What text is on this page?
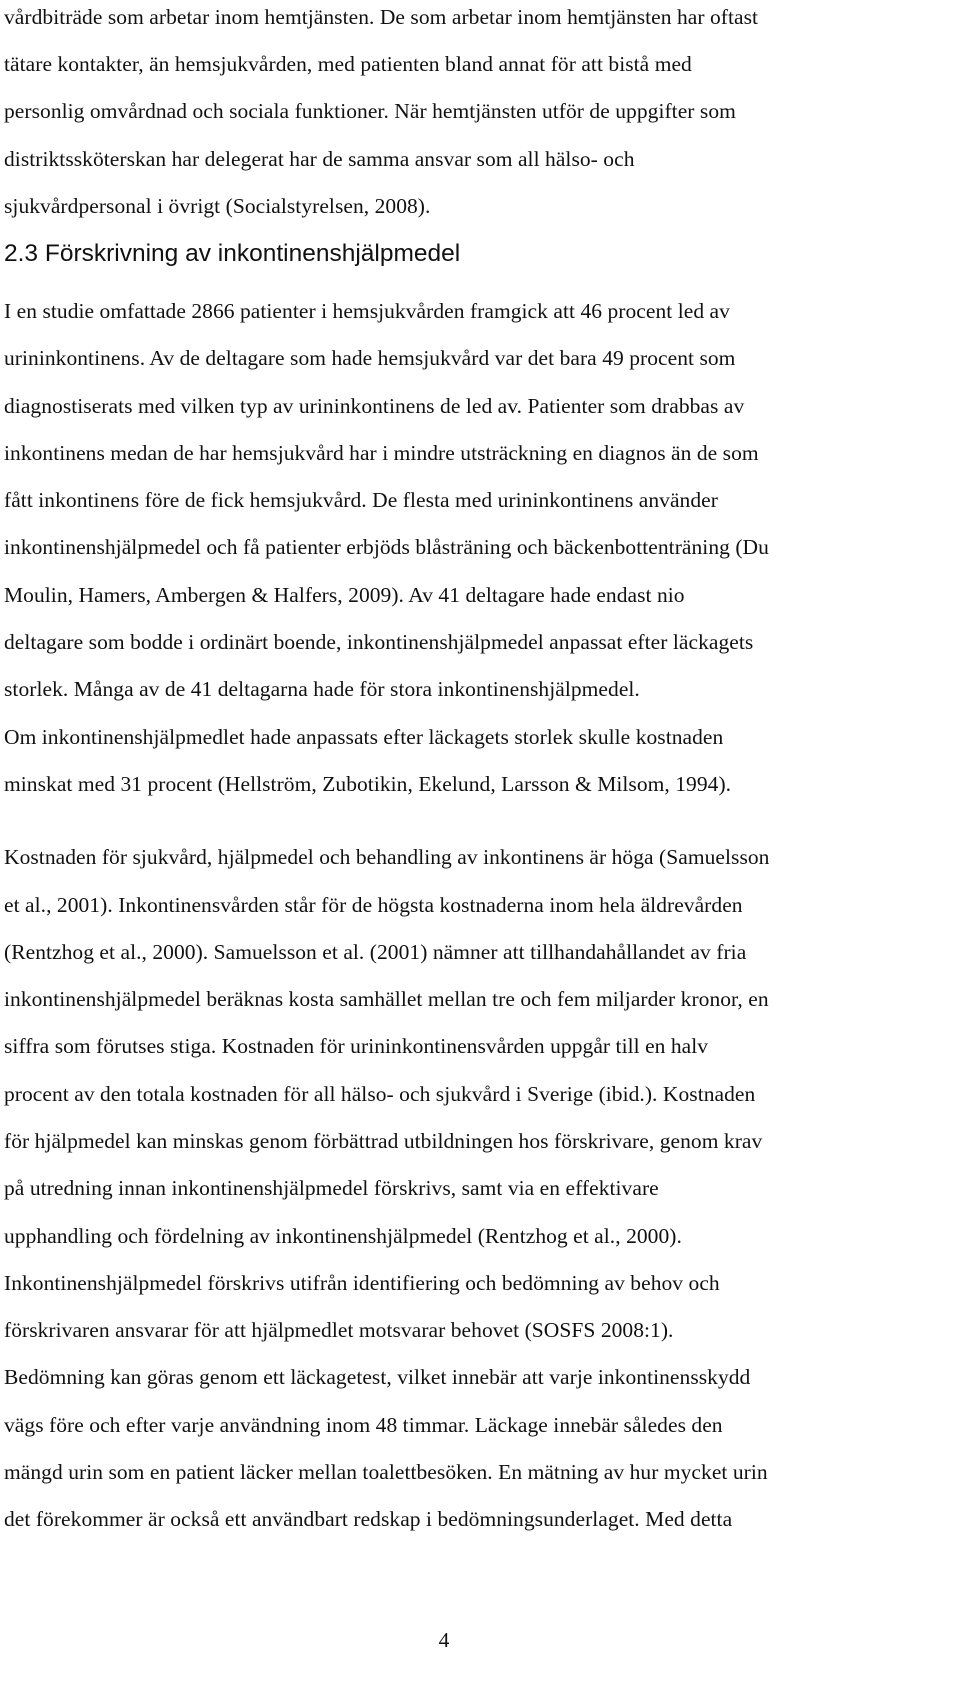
vårdbiträde som arbetar inom hemtjänsten. De som arbetar inom hemtjänsten har oftast
tätare kontakter, än hemsjukvården, med patienten bland annat för att bistå med
personlig omvårdnad och sociala funktioner. När hemtjänsten utför de uppgifter som
distriktssköterskan har delegerat har de samma ansvar som all hälso- och
sjukvårdpersonal i övrigt (Socialstyrelsen, 2008).
2.3 Förskrivning av inkontinenshjälpmedel
I en studie omfattade 2866 patienter i hemsjukvården framgick att 46 procent led av
urininkontinens. Av de deltagare som hade hemsjukvård var det bara 49 procent som
diagnostiserats med vilken typ av urininkontinens de led av. Patienter som drabbas av
inkontinens medan de har hemsjukvård har i mindre utsträckning en diagnos än de som
fått inkontinens före de fick hemsjukvård. De flesta med urininkontinens använder
inkontinenshjälpmedel och få patienter erbjöds blåsträning och bäckenbottenträning (Du
Moulin, Hamers, Ambergen & Halfers, 2009). Av 41 deltagare hade endast nio
deltagare som bodde i ordinärt boende, inkontinenshjälpmedel anpassat efter läckagets
storlek. Många av de 41 deltagarna hade för stora inkontinenshjälpmedel.
Om inkontinenshjälpmedlet hade anpassats efter läckagets storlek skulle kostnaden
minskat med 31 procent (Hellström, Zubotikin, Ekelund, Larsson & Milsom, 1994).
Kostnaden för sjukvård, hjälpmedel och behandling av inkontinens är höga (Samuelsson
et al., 2001). Inkontinensvården står för de högsta kostnaderna inom hela äldrevården
(Rentzhog et al., 2000). Samuelsson et al. (2001) nämner att tillhandahållandet av fria
inkontinenshjälpmedel beräknas kosta samhället mellan tre och fem miljarder kronor, en
siffra som förutses stiga. Kostnaden för urininkontinensvården uppgår till en halv
procent av den totala kostnaden för all hälso- och sjukvård i Sverige (ibid.). Kostnaden
för hjälpmedel kan minskas genom förbättrad utbildningen hos förskrivare, genom krav
på utredning innan inkontinenshjälpmedel förskrivs, samt via en effektivare
upphandling och fördelning av inkontinenshjälpmedel (Rentzhog et al., 2000).
Inkontinenshjälpmedel förskrivs utifrån identifiering och bedömning av behov och
förskrivaren ansvarar för att hjälpmedlet motsvarar behovet (SOSFS 2008:1).
Bedömning kan göras genom ett läckagetest, vilket innebär att varje inkontinensskydd
vägs före och efter varje användning inom 48 timmar. Läckage innebär således den
mängd urin som en patient läcker mellan toalettbesöken. En mätning av hur mycket urin
det förekommer är också ett användbart redskap i bedömningsunderlaget. Med detta
4
